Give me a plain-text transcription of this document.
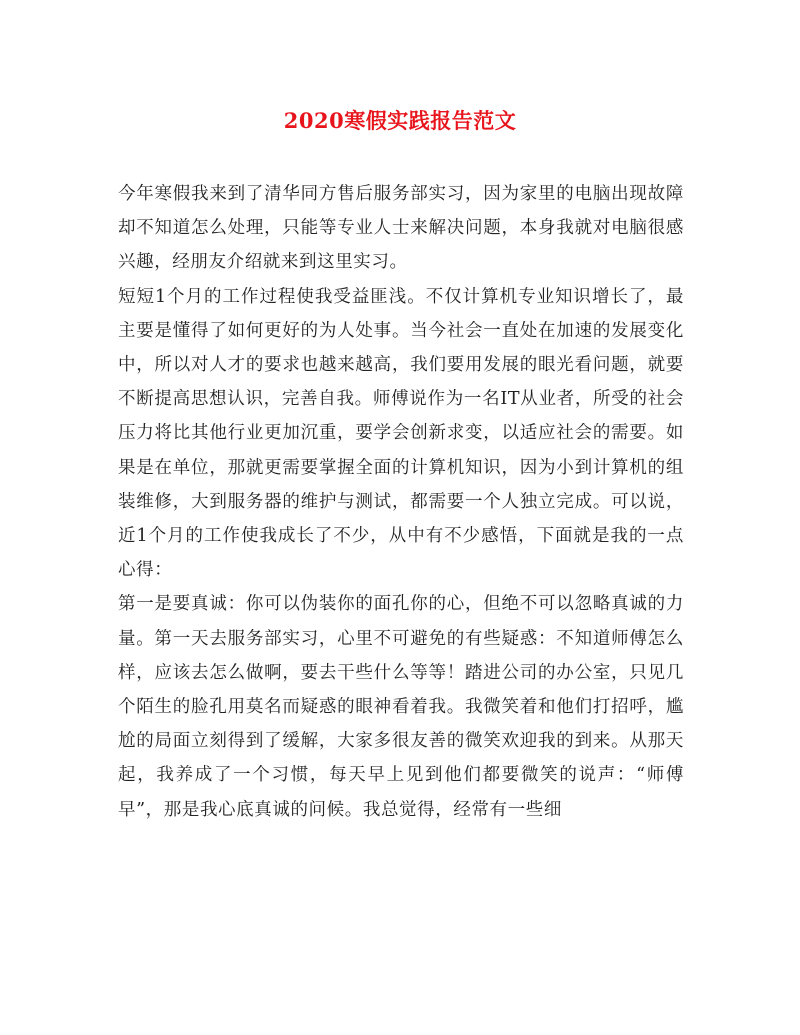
2020寒假实践报告范文

今年寒假我来到了清华同方售后服务部实习，因为家里的电脑出现故障却不知道怎么处理，只能等专业人士来解决问题，本身我就对电脑很感兴趣，经朋友介绍就来到这里实习。

短短1个月的工作过程使我受益匪浅。不仅计算机专业知识增长了，最主要是懂得了如何更好的为人处事。当今社会一直处在加速的发展变化中，所以对人才的要求也越来越高，我们要用发展的眼光看问题，就要不断提高思想认识，完善自我。师傅说作为一名IT从业者，所受的社会压力将比其他行业更加沉重，要学会创新求变，以适应社会的需要。如果是在单位，那就更需要掌握全面的计算机知识，因为小到计算机的组装维修，大到服务器的维护与测试，都需要一个人独立完成。可以说，近1个月的工作使我成长了不少，从中有不少感悟，下面就是我的一点心得：

第一是要真诚：你可以伪装你的面孔你的心，但绝不可以忽略真诚的力量。第一天去服务部实习，心里不可避免的有些疑惑：不知道师傅怎么样，应该去怎么做啊，要去干些什么等等！踏进公司的办公室，只见几个陌生的脸孔用莫名而疑惑的眼神看着我。我微笑着和他们打招呼，尴尬的局面立刻得到了缓解，大家多很友善的微笑欢迎我的到来。从那天起，我养成了一个习惯，每天早上见到他们都要微笑的说声：“师傅早”，那是我心底真诚的问候。我总觉得，经常有一些细
